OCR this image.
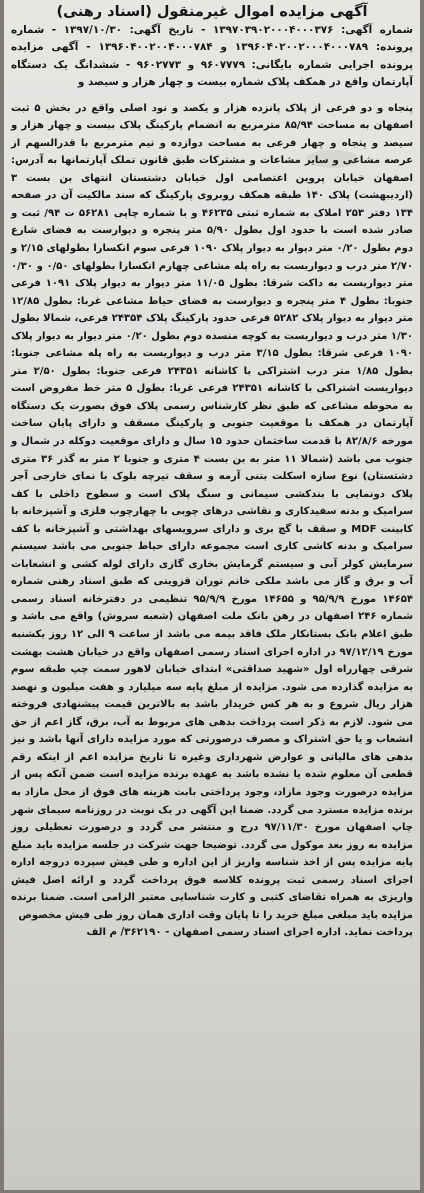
آگهی مزایده اموال غیرمنقول (اسناد رهنی)

شماره آگهی: ۱۳۹۷۰۳۹۰۲۰۰۰۴۰۰۰۳۷۶ - تاریخ آگهی: ۱۳۹۷/۱۰/۳۰ - شماره پرونده: ۱۳۹۶۰۴۰۲۰۰۲۰۰۰۴۰۰۰۷۸۹ و ۱۳۹۶۰۴۰۰۲۰۰۴۰۰۰۷۸۴ - آگهی مزایده پرونده اجرایی شماره بایگانی: ۹۶۰۷۷۷۹ و ۹۶۰۲۷۷۳ - ششدانگ یک دستگاه آپارتمان واقع در همکف پلاک شماره بیست و چهار هزار و سیصد و

پنجاه و دو فرعی از پلاک پانزده هزار و یکصد و نود اصلی واقع در بخش ۵ ثبت اصفهان به مساحت ۸۵/۹۴ مترمربع به انضمام پارکینگ پلاک بیست و چهار هزار و سیصد و پنجاه و چهار فرعی به مساحت دوازده و نیم مترمربع با قدرالسهم از عرصه مشاعی و سایر مشاعات و مشترکات طبق قانون تملک آپارتمانها به آدرس: اصفهان خیابان پروین اعتصامی اول خیابان دشتستان انتهای بن بست ۳ (اردیبهشت) پلاک ۱۴۰ طبقه همکف روبروی پارکینگ که سند مالکیت آن در صفحه ۱۳۴ دفتر ۲۵۳ املاک به شماره ثبتی ۴۶۲۳۵ و با شماره چاپی ۵۶۲۸۱ ت ۹۴/ ثبت و صادر شده است با حدود اول بطول ۵/۹۰ متر پنجره و دیوارست به فضای شارع دوم بطول ۰/۲۰ متر دیوار به دیوار پلاک ۱۰۹۰ فرعی سوم انکسارا بطولهای ۲/۱۵ و ۲/۷۰ متر درب و دیواریست به راه پله مشاعی چهارم انکسارا بطولهای ۰/۵۰ و ۰/۳۰ متر دیواریست به داکت شرقا: بطول ۱۱/۰۵ متر دیوار به دیوار پلاک ۱۰۹۱ فرعی جنوبا: بطول ۴ متر پنجره و دیوارست به فضای حیاط مشاعی غربا: بطول ۱۲/۸۵ متر دیوار به دیوار پلاک ۵۲۸۲ فرعی حدود پارکینگ پلاک ۲۴۳۵۴ فرعی، شمالا بطول ۱/۳۰ متر درب و دیواریست به کوچه منسده دوم بطول ۰/۲۰ متر دیوار به دیوار پلاک ۱۰۹۰ فرعی شرقا: بطول ۳/۱۵ متر درب و دیواریست به راه پله مشاعی جنوبا: بطول ۱/۸۵ متر درب اشتراکی با کاشانه ۲۴۳۵۱ فرعی جنوبا: بطول ۲/۵۰ متر دیواریست اشتراکی با کاشانه ۲۴۳۵۱ فرعی غربا: بطول ۵ متر خط مفروض است به محوطه مشاعی که طبق نظر کارشناس رسمی پلاک فوق بصورت یک دستگاه آپارتمان در همکف با موقعیت جنوبی و پارکینگ مسقف و دارای پایان ساخت مورخه ۸۲/۸/۶ با قدمت ساختمان حدود ۱۵ سال و دارای موقعیت دوکله در شمال و جنوب می باشد (شمالا ۱۱ متر به بن بست ۴ متری و جنوبا ۲ متر به گذر ۳۶ متری دشتستان) نوع سازه اسکلت بتنی آرمه و سقف تیرچه بلوک با نمای خارجی آجر پلاک دونمایی با بندکشی سیمانی و سنگ پلاک است و سطوح داخلی با کف سرامیک و بدنه سفیدکاری و نقاشی درهای چوبی با چهارچوب فلزی و آشپزخانه با کابینت MDF و سقف با گچ بری و دارای سرویسهای بهداشتی و آشپزخانه با کف سرامیک و بدنه کاشی کاری است مجموعه دارای حیاط جنوبی می باشد سیستم سرمایش کولر آبی و سیستم گرمایش بخاری گازی دارای لوله کشی و انشعابات آب و برق و گاز می باشد ملکی خانم توران قزوینی که طبق اسناد رهنی شماره ۱۴۶۵۴ مورخ ۹۵/۹/۹ و ۱۴۶۵۵ مورخ ۹۵/۹/۹ تنظیمی در دفترخانه اسناد رسمی شماره ۲۴۶ اصفهان در رهن بانک ملت اصفهان (شعبه سروش) واقع می باشد و طبق اعلام بانک بستانکار ملک فاقد بیمه می باشد از ساعت ۹ الی ۱۲ روز یکشنبه مورخ ۹۷/۱۲/۱۹ در اداره اجرای اسناد رسمی اصفهان واقع در خیابان هشت بهشت شرقی چهارراه اول «شهید صداقتی» ابتدای خیابان لاهور سمت چپ طبقه سوم به مزایده گذارده می شود. مزایده از مبلغ پایه سه میلیارد و هفت میلیون و نهصد هزار ریال شروع و به هر کس خریدار باشد به بالاترین قیمت پیشنهادی فروخته می شود. لازم به ذکر است پرداخت بدهی های مربوط به آب، برق، گاز اعم از حق انشعاب و یا حق اشتراک و مصرف درصورتی که مورد مزایده دارای آنها باشد و نیز بدهی های مالیاتی و عوارض شهرداری وغیره تا تاریخ مزایده اعم از اینکه رقم قطعی آن معلوم شده یا نشده باشد به عهده برنده مزایده است ضمن آنکه پس از مزایده درصورت وجود مازاد، وجود پرداختی بابت هزینه های فوق از محل مازاد به برنده مزایده مسترد می گردد. ضمنا این آگهی در یک نوبت در روزنامه سیمای شهر چاپ اصفهان مورخ ۹۷/۱۱/۳۰ درج و منتشر می گردد و درصورت تعطیلی روز مزایده به روز بعد موکول می گردد. توضیحا جهت شرکت در جلسه مزایده باید مبلغ پایه مزایده پس از اخذ شناسه واریز از این اداره و طی فیش سپرده دروجه اداره اجرای اسناد رسمی ثبت پرونده کلاسه فوق پرداخت گردد و ارائه اصل فیش واریزی به همراه تقاضای کتبی و کارت شناسایی معتبر الزامی است. ضمنا برنده مزایده باید مبلغی مبلغ خرید را تا پایان وقت اداری همان روز طی فیش مخصوص

پرداخت نماید. اداره اجرای اسناد رسمی اصفهان - ۳۶۲۱۹۰/ م الف
